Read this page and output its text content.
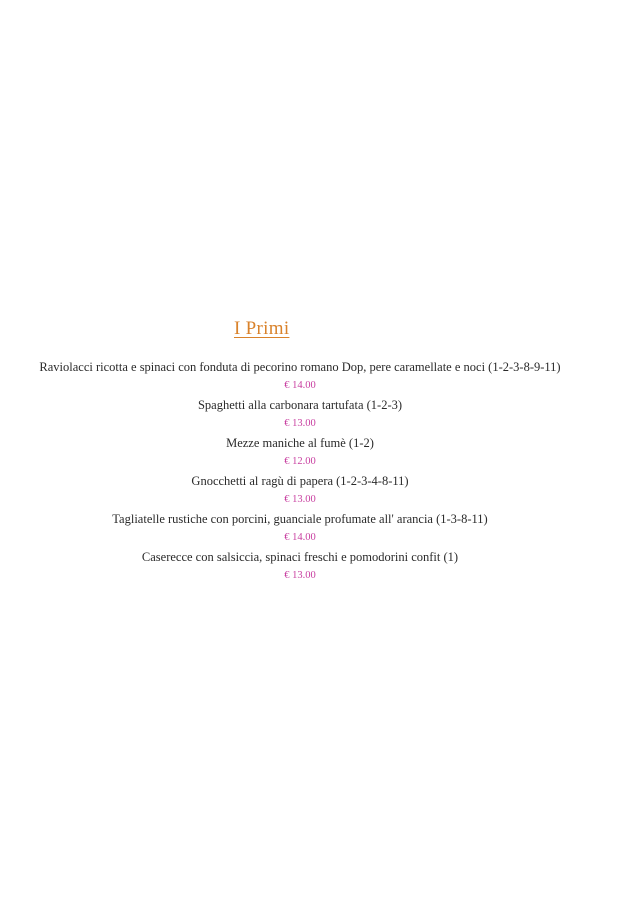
I Primi
Raviolacci ricotta e spinaci con fonduta di pecorino romano Dop, pere caramellate e noci (1-2-3-8-9-11)
€ 14.00
Spaghetti alla carbonara tartufata (1-2-3)
€ 13.00
Mezze maniche al fumè (1-2)
€ 12.00
Gnocchetti al ragù di papera (1-2-3-4-8-11)
€ 13.00
Tagliatelle rustiche con porcini, guanciale profumate all' arancia (1-3-8-11)
€ 14.00
Caserecce con salsiccia, spinaci freschi e pomodorini confit (1)
€ 13.00
